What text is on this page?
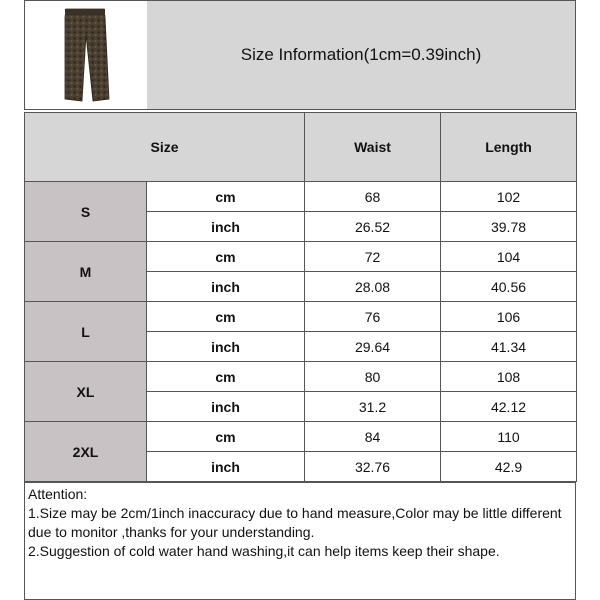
Size Information(1cm=0.39inch)
Size		Waist	Length
S	cm	68	102
	inch	26.52	39.78
M	cm	72	104
	inch	28.08	40.56
L	cm	76	106
	inch	29.64	41.34
XL	cm	80	108
	inch	31.2	42.12
2XL	cm	84	110
	inch	32.76	42.9

Attention:

1.Size may be 2cm/1inch inaccuracy due to hand measure,Color may be little different due to monitor ,thanks for your understanding.

2.Suggestion of cold water hand washing,it can help items keep their shape.
